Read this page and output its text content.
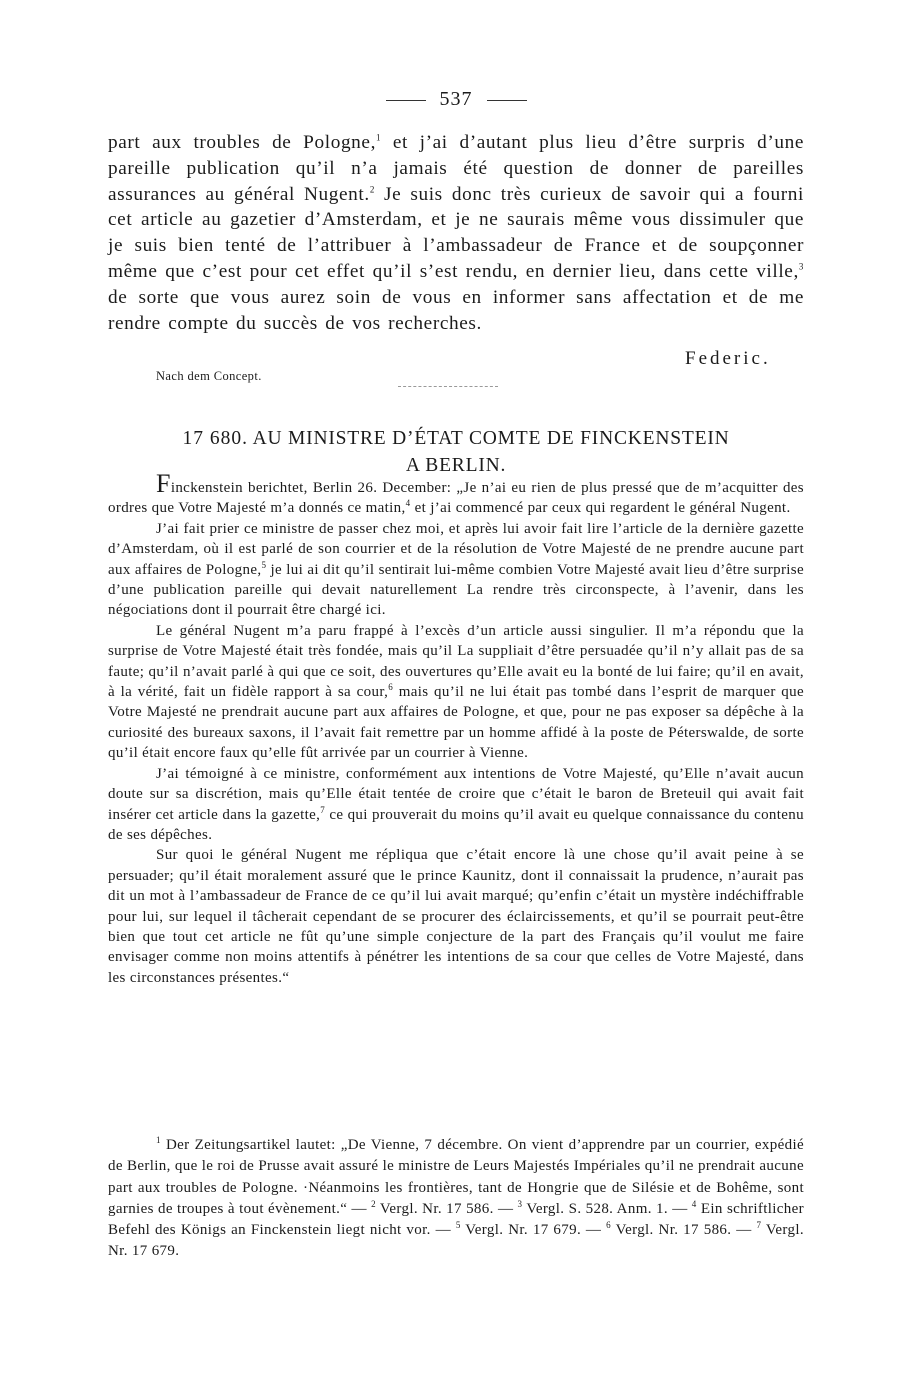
537
part aux troubles de Pologne,$^1$ et j’ai d’autant plus lieu d’être surpris d’une pareille publication qu’il n’a jamais été question de donner de pareilles assurances au général Nugent.$^2$ Je suis donc très curieux de savoir qui a fourni cet article au gazetier d’Amsterdam, et je ne saurais même vous dissimuler que je suis bien tenté de l’attribuer à l’ambassadeur de France et de soupçonner même que c’est pour cet effet qu’il s’est rendu, en dernier lieu, dans cette ville,$^3$ de sorte que vous aurez soin de vous en informer sans affectation et de me rendre compte du succès de vos recherches.
Federic.
Nach dem Concept.
17 680. AU MINISTRE D’ÉTAT COMTE DE FINCKENSTEIN
A BERLIN.

Finckenstein berichtet, Berlin 26. December: „Je n’ai eu rien de plus pressé que de m’acquitter des ordres que Votre Majesté m’a donnés ce matin,$^4$ et j’ai commencé par ceux qui regardent le général Nugent.

J’ai fait prier ce ministre de passer chez moi, et après lui avoir fait lire l’article de la dernière gazette d’Amsterdam, où il est parlé de son courrier et de la résolution de Votre Majesté de ne prendre aucune part aux affaires de Pologne,$^5$ je lui ai dit qu’il sentirait lui-même combien Votre Majesté avait lieu d’être surprise d’une publication pareille qui devait naturellement La rendre très circonspecte, à l’avenir, dans les négociations dont il pourrait être chargé ici.

Le général Nugent m’a paru frappé à l’excès d’un article aussi singulier. Il m’a répondu que la surprise de Votre Majesté était très fondée, mais qu’il La suppliait d’être persuadée qu’il n’y allait pas de sa faute; qu’il n’avait parlé à qui que ce soit, des ouvertures qu’Elle avait eu la bonté de lui faire; qu’il en avait, à la vérité, fait un fidèle rapport à sa cour,$^6$ mais qu’il ne lui était pas tombé dans l’esprit de marquer que Votre Majesté ne prendrait aucune part aux affaires de Pologne, et que, pour ne pas exposer sa dépêche à la curiosité des bureaux saxons, il l’avait fait remettre par un homme affidé à la poste de Péterswalde, de sorte qu’il était encore faux qu’elle fût arrivée par un courrier à Vienne.

J’ai témoigné à ce ministre, conformément aux intentions de Votre Majesté, qu’Elle n’avait aucun doute sur sa discrétion, mais qu’Elle était tentée de croire que c’était le baron de Breteuil qui avait fait insérer cet article dans la gazette,$^7$ ce qui prouverait du moins qu’il avait eu quelque connaissance du contenu de ses dépêches.

Sur quoi le général Nugent me répliqua que c’était encore là une chose qu’il avait peine à se persuader; qu’il était moralement assuré que le prince Kaunitz, dont il connaissait la prudence, n’aurait pas dit un mot à l’ambassadeur de France de ce qu’il lui avait marqué; qu’enfin c’était un mystère indéchiffrable pour lui, sur lequel il tâcherait cependant de se procurer des éclaircissements, et qu’il se pourrait peut-être bien que tout cet article ne fût qu’une simple conjecture de la part des Français qu’il voulut me faire envisager comme non moins attentifs à pénétrer les intentions de sa cour que celles de Votre Majesté, dans les circonstances présentes.“

$^1$ Der Zeitungsartikel lautet: „De Vienne, 7 décembre. On vient d’apprendre par un courrier, expédié de Berlin, que le roi de Prusse avait assuré le ministre de Leurs Majestés Impériales qu’il ne prendrait aucune part aux troubles de Pologne. ·Néanmoins les frontières, tant de Hongrie que de Silésie et de Bohême, sont garnies de troupes à tout évènement.“ — $^2$ Vergl. Nr. 17 586. — $^3$ Vergl. S. 528. Anm. 1. — $^4$ Ein schriftlicher Befehl des Königs an Finckenstein liegt nicht vor. — $^5$ Vergl. Nr. 17 679. — $^6$ Vergl. Nr. 17 586. — $^7$ Vergl. Nr. 17 679.
